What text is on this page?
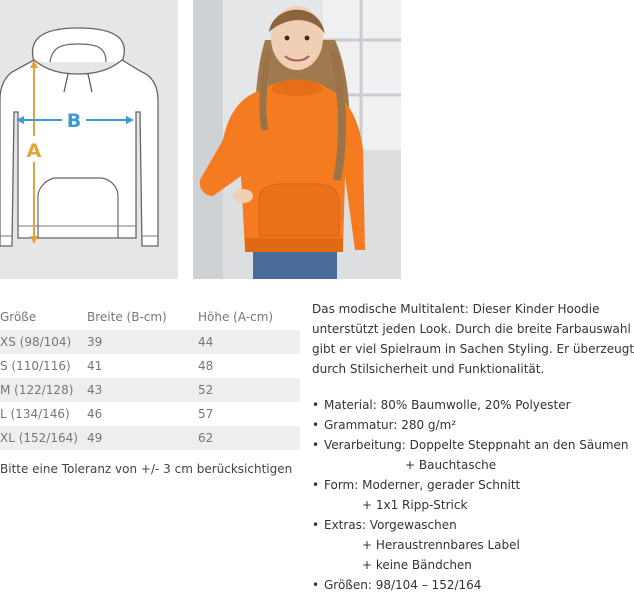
B
A
Größe	Breite (B-cm)	Höhe (A-cm)
XS (98/104)	39	44
S (110/116)	41	48
M (122/128)	43	52
L (134/146)	46	57
XL (152/164) 49	62
Bitte eine Toleranz von +/- 3 cm berücksichtigen

Das modische Multitalent: Dieser Kinder Hoodie

unterstützt jeden Look. Durch die breite Farbauswahl

gibt er viel Spielraum in Sachen Styling. Er überzeugt

durch Stilsicherheit und Funktionalität.

• Material: 80% Baumwolle, 20% Polyester
• Grammatur: 280 g/m²
• Verarbeitung: Doppelte Steppnaht an den Säumen
+ Bauchtasche
• Form: Moderner, gerader Schnitt
+ 1x1 Ripp-Strick
• Extras: Vorgewaschen
+ Heraustrennbares Label
+ keine Bändchen
• Größen: 98/104 – 152/164
